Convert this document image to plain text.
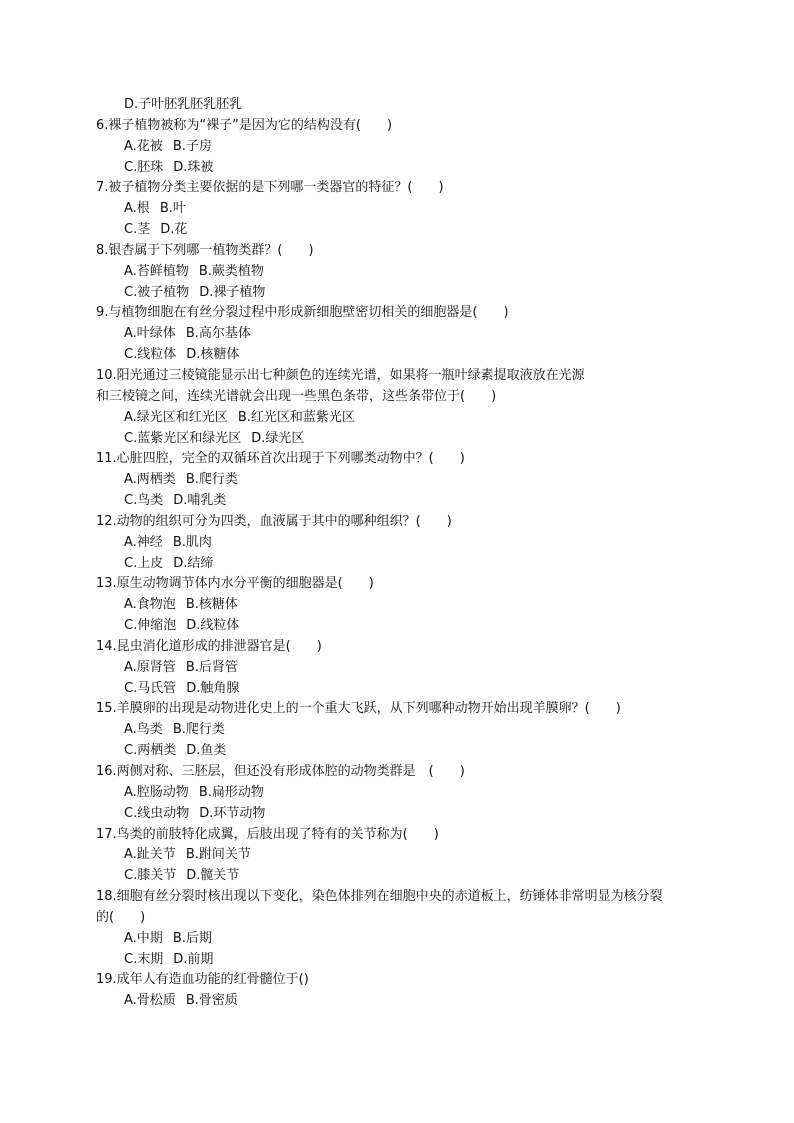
D.子叶胚乳胚乳胚乳
6.裸子植物被称为“裸子”是因为它的结构没有(　　)
A.花被 B.子房
C.胚珠 D.珠被
7.被子植物分类主要依据的是下列哪一类器官的特征？(　　)
A.根 B.叶
C.茎 D.花
8.银杏属于下列哪一植物类群？(　　)
A.苔鲜植物 B.蕨类植物
C.被子植物 D.裸子植物
9.与植物细胞在有丝分裂过程中形成新细胞壁密切相关的细胞器是(　　)
A.叶绿体 B.高尔基体
C.线粒体 D.核糖体
10.阳光通过三棱镜能显示出七种颜色的连续光谱，如果将一瓶叶绿素提取液放在光源
和三棱镜之间，连续光谱就会出现一些黑色条带，这些条带位于(　　)
A.绿光区和红光区 B.红光区和蓝紫光区
C.蓝紫光区和绿光区 D.绿光区
11.心脏四腔，完全的双循环首次出现于下列哪类动物中？(　　)
A.两栖类 B.爬行类
C.鸟类 D.哺乳类
12.动物的组织可分为四类，血液属于其中的哪种组织？(　　)
A.神经 B.肌肉
C.上皮 D.结缔
13.原生动物调节体内水分平衡的细胞器是(　　)
A.食物泡 B.核糖体
C.伸缩泡 D.线粒体
14.昆虫消化道形成的排泄器官是(　　)
A.原肾管 B.后肾管
C.马氏管 D.触角腺
15.羊膜卵的出现是动物进化史上的一个重大飞跃，从下列哪种动物开始出现羊膜卵？(　　)
A.鸟类 B.爬行类
C.两栖类 D.鱼类
16.两侧对称、三胚层，但还没有形成体腔的动物类群是　(　　)
A.腔肠动物 B.扁形动物
C.线虫动物 D.环节动物
17.鸟类的前肢特化成翼，后肢出现了特有的关节称为(　　)
A.趾关节 B.跗间关节
C.膝关节 D.髋关节
18.细胞有丝分裂时核出现以下变化，染色体排列在细胞中央的赤道板上，纺锤体非常明显为核分裂
的(　　)
A.中期 B.后期
C.末期 D.前期
19.成年人有造血功能的红骨髓位于()
A.骨松质 B.骨密质
